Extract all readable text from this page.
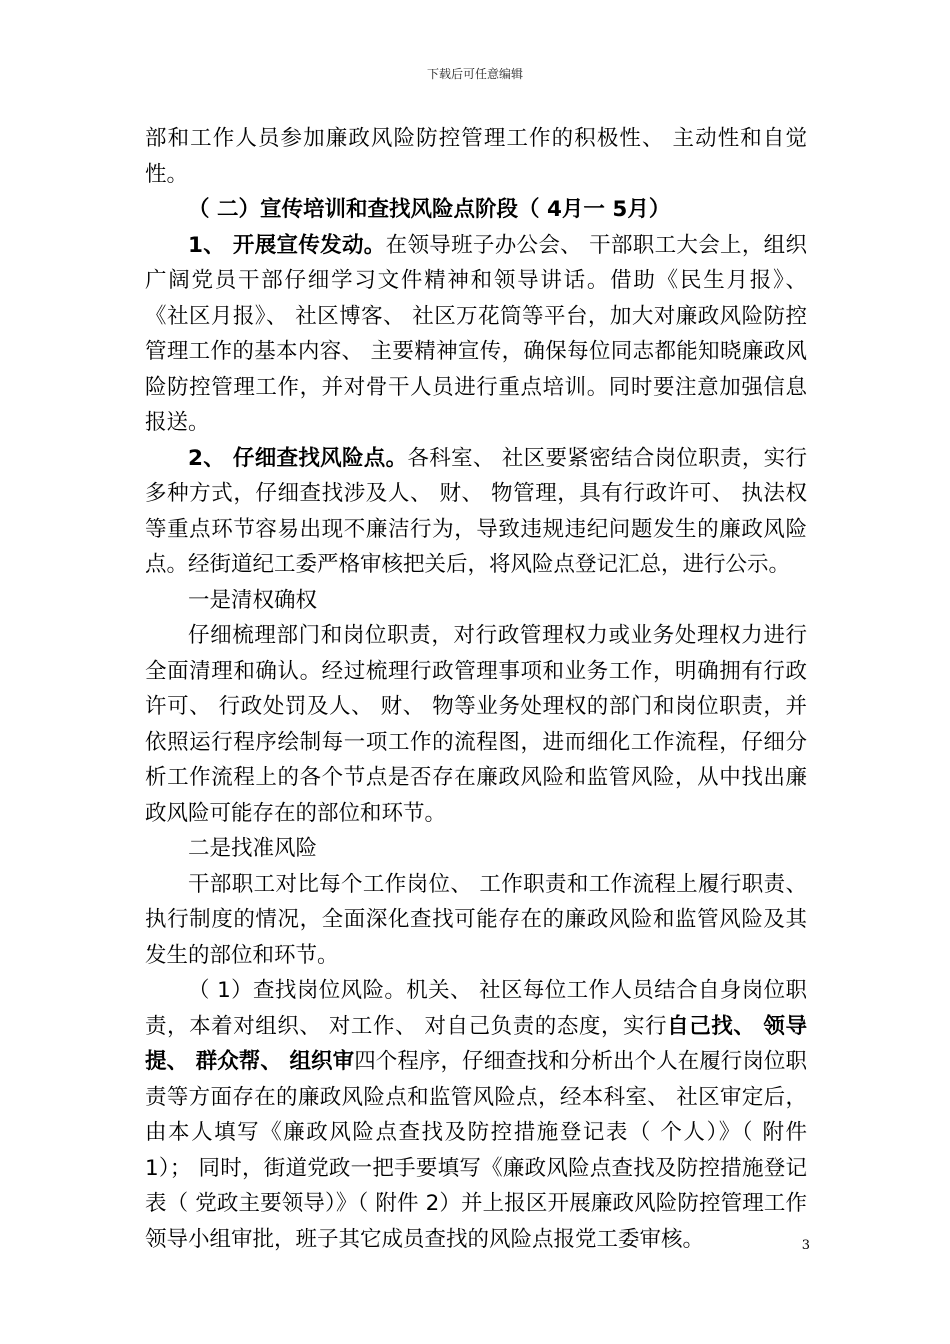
下载后可任意编辑

部和工作人员参加廉政风险防控管理工作的积极性、 主动性和自觉性。

（ 二）宣传培训和查找风险点阶段（ 4月一 5月）

1、 开展宣传发动。在领导班子办公会、 干部职工大会上，组织广阔党员干部仔细学习文件精神和领导讲话。借助《民生月报》、 《社区月报》、 社区博客、 社区万花筒等平台，加大对廉政风险防控管理工作的基本内容、 主要精神宣传，确保每位同志都能知晓廉政风险防控管理工作，并对骨干人员进行重点培训。同时要注意加强信息报送。

2、 仔细查找风险点。各科室、 社区要紧密结合岗位职责，实行多种方式，仔细查找涉及人、 财、 物管理，具有行政许可、 执法权等重点环节容易出现不廉洁行为，导致违规违纪问题发生的廉政风险点。经街道纪工委严格审核把关后，将风险点登记汇总，进行公示。

一是清权确权

仔细梳理部门和岗位职责，对行政管理权力或业务处理权力进行全面清理和确认。经过梳理行政管理事项和业务工作，明确拥有行政许可、 行政处罚及人、 财、 物等业务处理权的部门和岗位职责，并依照运行程序绘制每一项工作的流程图，进而细化工作流程，仔细分析工作流程上的各个节点是否存在廉政风险和监管风险，从中找出廉政风险可能存在的部位和环节。

二是找准风险

干部职工对比每个工作岗位、 工作职责和工作流程上履行职责、 执行制度的情况，全面深化查找可能存在的廉政风险和监管风险及其发生的部位和环节。

（ 1）查找岗位风险。机关、 社区每位工作人员结合自身岗位职责，本着对组织、 对工作、 对自己负责的态度，实行自己找、 领导提、 群众帮、 组织审四个程序，仔细查找和分析出个人在履行岗位职责等方面存在的廉政风险点和监管风险点，经本科室、 社区审定后，由本人填写《廉政风险点查找及防控措施登记表（ 个人）》（ 附件 1）； 同时，街道党政一把手要填写《廉政风险点查找及防控措施登记表（ 党政主要领导）》（ 附件 2）并上报区开展廉政风险防控管理工作领导小组审批，班子其它成员查找的风险点报党工委审核。	3
